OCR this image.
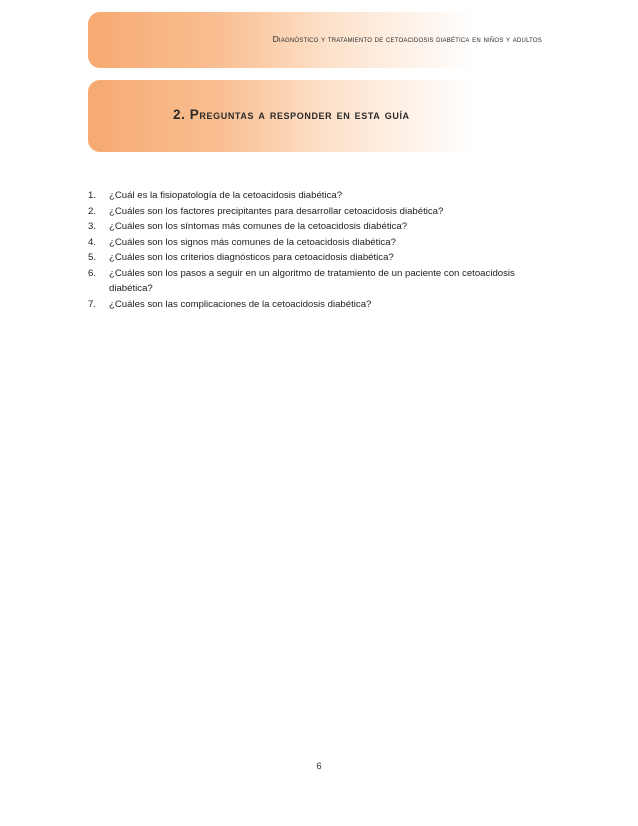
Diagnóstico y tratamiento de cetoacidosis diabética en niños y adultos
2. Preguntas a responder en esta guía
1. ¿Cuál es la fisiopatología de la cetoacidosis diabética?
2. ¿Cuáles son los factores precipitantes para desarrollar cetoacidosis diabética?
3. ¿Cuáles son los síntomas más comunes de la cetoacidosis diabética?
4. ¿Cuáles son los signos más comunes de la cetoacidosis diabética?
5. ¿Cuáles son los criterios diagnósticos para cetoacidosis diabética?
6. ¿Cuáles son los pasos a seguir en un algoritmo de tratamiento de un paciente con cetoacidosis diabética?
7. ¿Cuáles son las complicaciones de la cetoacidosis diabética?
6
